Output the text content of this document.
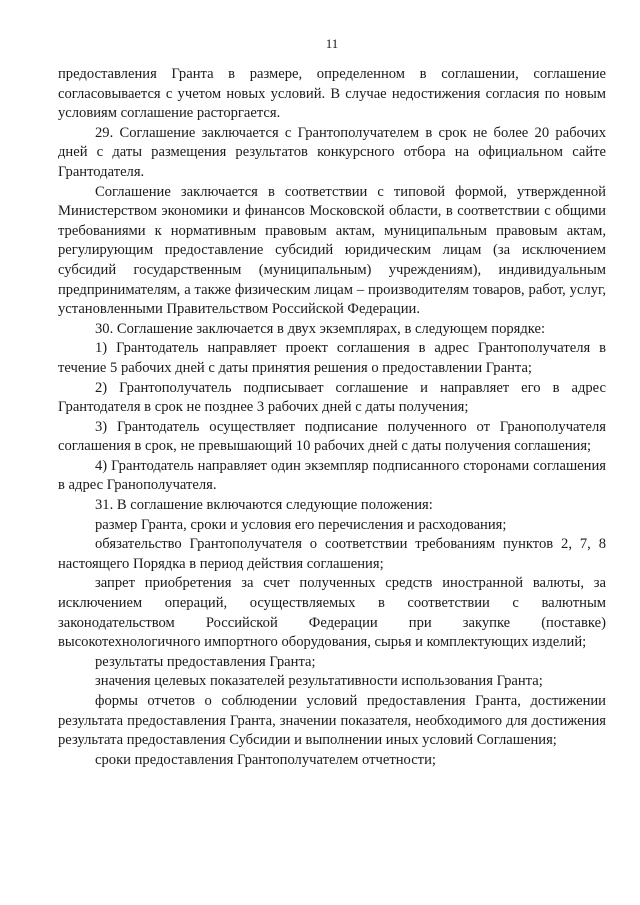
11

предоставления Гранта в размере, определенном в соглашении, соглашение согласовывается с учетом новых условий. В случае недостижения согласия по новым условиям соглашение расторгается.

29. Соглашение заключается с Грантополучателем в срок не более 20 рабочих дней с даты размещения результатов конкурсного отбора на официальном сайте Грантодателя.

Соглашение заключается в соответствии с типовой формой, утвержденной Министерством экономики и финансов Московской области, в соответствии с общими требованиями к нормативным правовым актам, муниципальным правовым актам, регулирующим предоставление субсидий юридическим лицам (за исключением субсидий государственным (муниципальным) учреждениям), индивидуальным предпринимателям, а также физическим лицам – производителям товаров, работ, услуг, установленными Правительством Российской Федерации.

30. Соглашение заключается в двух экземплярах, в следующем порядке:

1) Грантодатель направляет проект соглашения в адрес Грантополучателя в течение 5 рабочих дней с даты принятия решения о предоставлении Гранта;

2) Грантополучатель подписывает соглашение и направляет его в адрес Грантодателя в срок не позднее 3 рабочих дней с даты получения;

3) Грантодатель осуществляет подписание полученного от Гранополучателя соглашения в срок, не превышающий 10 рабочих дней с даты получения соглашения;

4) Грантодатель направляет один экземпляр подписанного сторонами соглашения в адрес Гранополучателя.

31. В соглашение включаются следующие положения:

размер Гранта, сроки и условия его перечисления и расходования;

обязательство Грантополучателя о соответствии требованиям пунктов 2, 7, 8 настоящего Порядка в период действия соглашения;

запрет приобретения за счет полученных средств иностранной валюты, за исключением операций, осуществляемых в соответствии с валютным законодательством Российской Федерации при закупке (поставке) высокотехнологичного импортного оборудования, сырья и комплектующих изделий;

результаты предоставления Гранта;

значения целевых показателей результативности использования Гранта;

формы отчетов о соблюдении условий предоставления Гранта, достижении результата предоставления Гранта, значении показателя, необходимого для достижения результата предоставления Субсидии и выполнении иных условий Соглашения;

сроки предоставления Грантополучателем отчетности;
